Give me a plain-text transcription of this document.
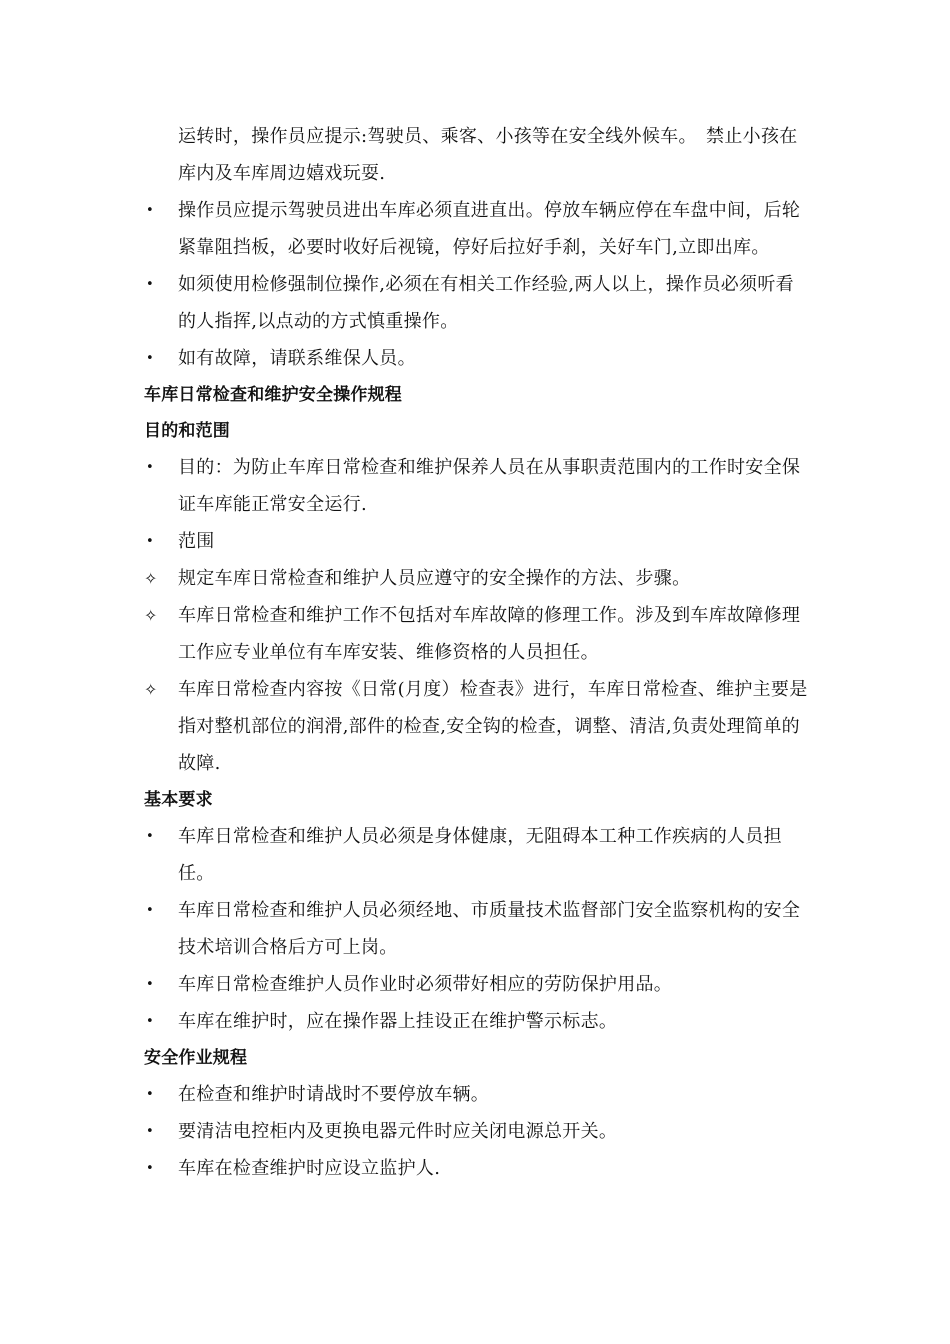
运转时，操作员应提示:驾驶员、乘客、小孩等在安全线外候车。　禁止小孩在库内及车库周边嬉戏玩耍.
•	操作员应提示驾驶员进出车库必须直进直出。停放车辆应停在车盘中间，后轮紧靠阻挡板，必要时收好后视镜，停好后拉好手刹，关好车门,立即出库。
•	如须使用检修强制位操作,必须在有相关工作经验,两人以上，操作员必须听看的人指挥,以点动的方式慎重操作。
•	如有故障，请联系维保人员。
车库日常检查和维护安全操作规程
目的和范围
•	目的：为防止车库日常检查和维护保养人员在从事职责范围内的工作时安全保证车库能正常安全运行.
•	范围
✧	规定车库日常检查和维护人员应遵守的安全操作的方法、步骤。
✧	车库日常检查和维护工作不包括对车库故障的修理工作。涉及到车库故障修理工作应专业单位有车库安装、维修资格的人员担任。
✧	车库日常检查内容按《日常(月度）检查表》进行，车库日常检查、维护主要是指对整机部位的润滑,部件的检查,安全钩的检查，调整、清洁,负责处理简单的故障.
基本要求
•	车库日常检查和维护人员必须是身体健康，无阻碍本工种工作疾病的人员担任。
•	车库日常检查和维护人员必须经地、市质量技术监督部门安全监察机构的安全技术培训合格后方可上岗。
•	车库日常检查维护人员作业时必须带好相应的劳防保护用品。
•	车库在维护时，应在操作器上挂设正在维护警示标志。
安全作业规程
•	在检查和维护时请战时不要停放车辆。
•	要清洁电控柜内及更换电器元件时应关闭电源总开关。
•	车库在检查维护时应设立监护人.
